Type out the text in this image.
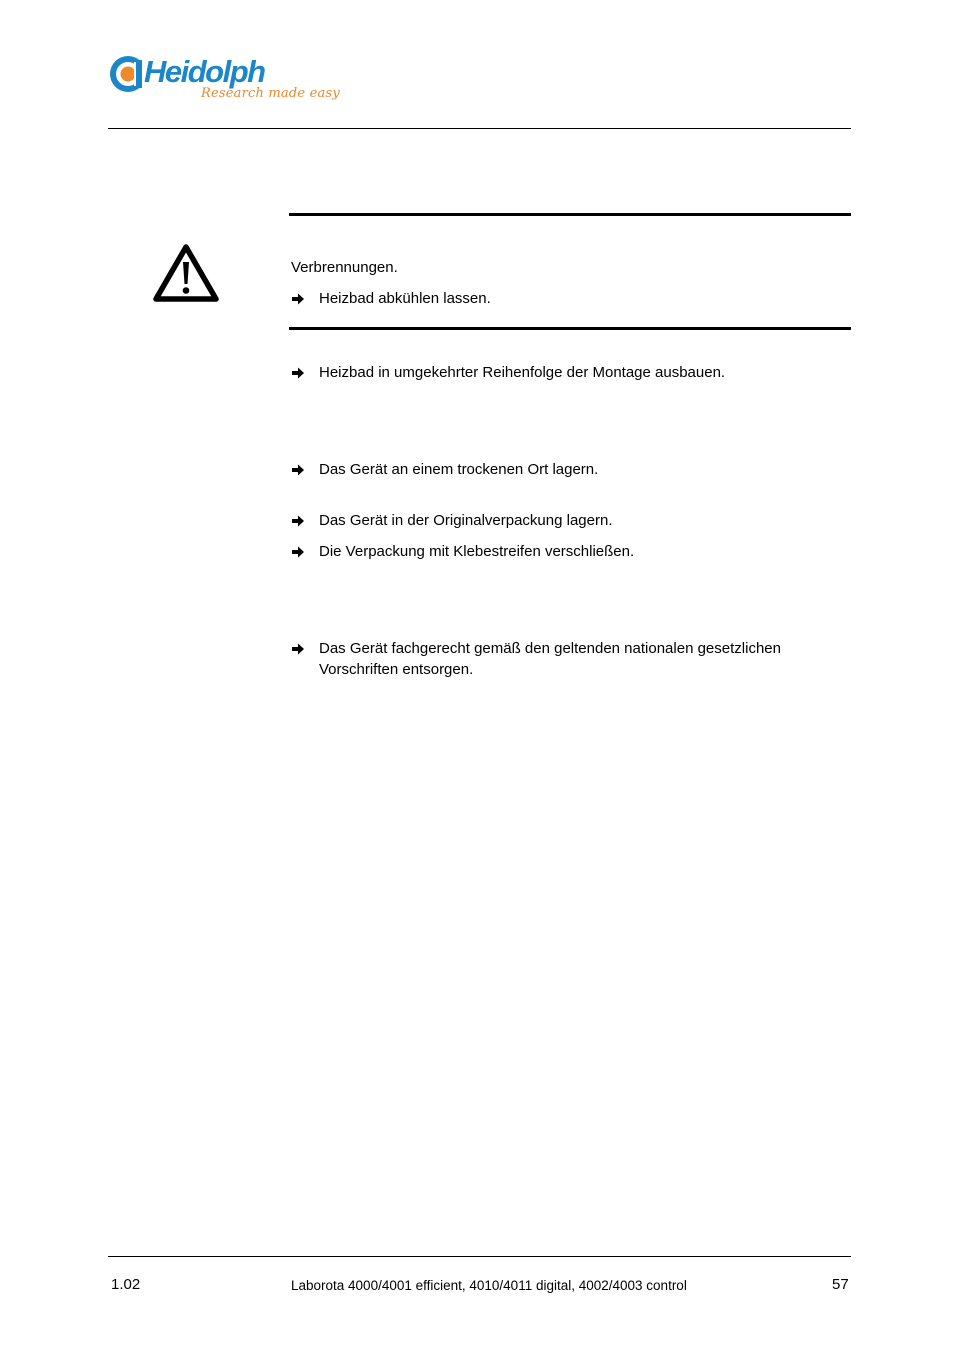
Heidolph
Research made easy
Verbrennungen.
Heizbad abkühlen lassen.
Heizbad in umgekehrter Reihenfolge der Montage ausbauen.
Das Gerät an einem trockenen Ort lagern.
Das Gerät in der Originalverpackung lagern.
Die Verpackung mit Klebestreifen verschließen.
Das Gerät fachgerecht gemäß den geltenden nationalen gesetzlichen
Vorschriften entsorgen.
1.02	Laborota 4000/4001 efficient, 4010/4011 digital, 4002/4003 control	57
